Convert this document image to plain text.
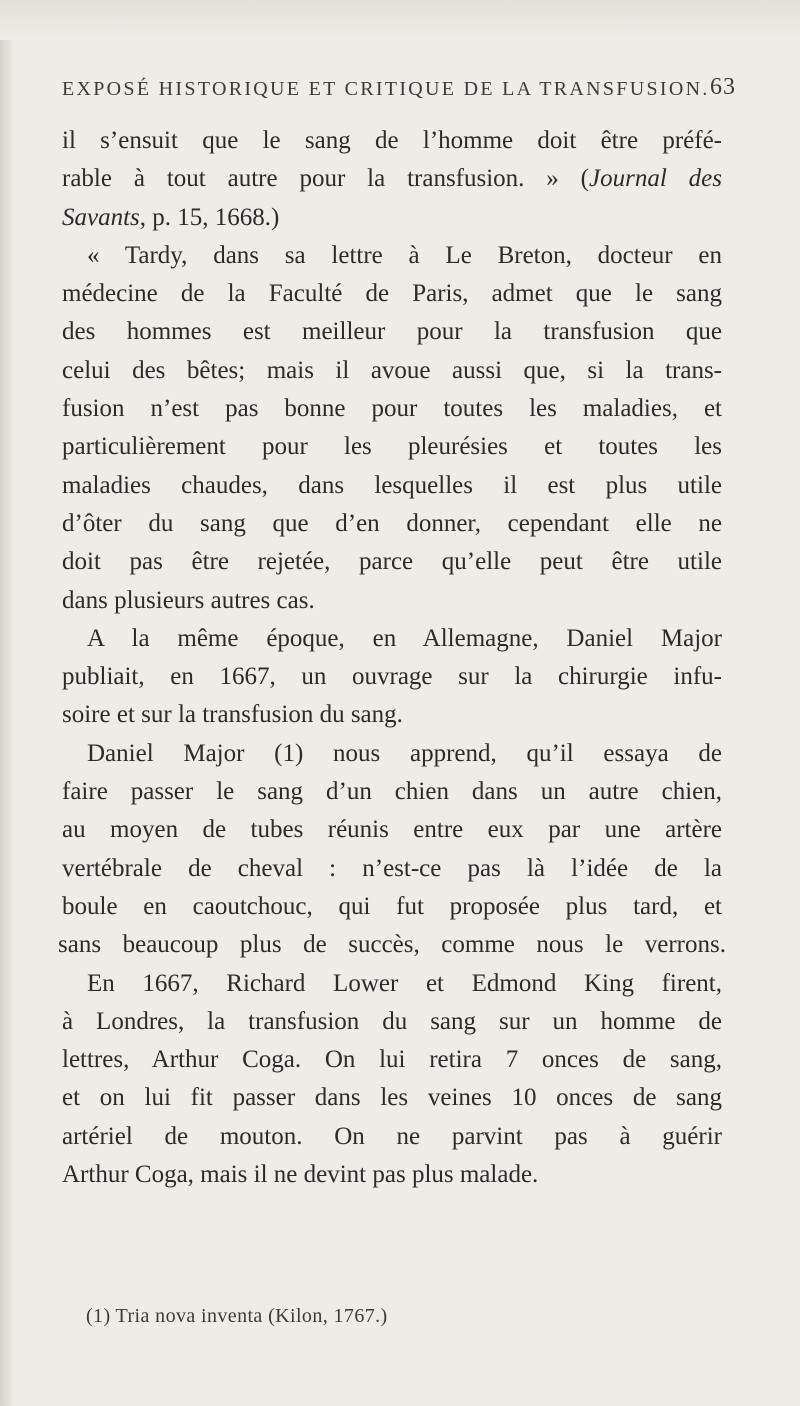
EXPOSÉ HISTORIQUE ET CRITIQUE DE LA TRANSFUSION. 63
il s’ensuit que le sang de l’homme doit être préfé-
rable à tout autre pour la transfusion. » (Journal des
Savants, p. 15, 1668.)
« Tardy, dans sa lettre à Le Breton, docteur en
médecine de la Faculté de Paris, admet que le sang
des hommes est meilleur pour la transfusion que
celui des bêtes; mais il avoue aussi que, si la trans-
fusion n’est pas bonne pour toutes les maladies, et
particulièrement pour les pleurésies et toutes les
maladies chaudes, dans lesquelles il est plus utile
d’ôter du sang que d’en donner, cependant elle ne
doit pas être rejetée, parce qu’elle peut être utile
dans plusieurs autres cas.
A la même époque, en Allemagne, Daniel Major
publiait, en 1667, un ouvrage sur la chirurgie infu-
soire et sur la transfusion du sang.
Daniel Major (1) nous apprend, qu’il essaya de
faire passer le sang d’un chien dans un autre chien,
au moyen de tubes réunis entre eux par une artère
vertébrale de cheval : n’est-ce pas là l’idée de la
boule en caoutchouc, qui fut proposée plus tard, et
sans beaucoup plus de succès, comme nous le verrons.
En 1667, Richard Lower et Edmond King firent,
à Londres, la transfusion du sang sur un homme de
lettres, Arthur Coga. On lui retira 7 onces de sang,
et on lui fit passer dans les veines 10 onces de sang
artériel de mouton. On ne parvint pas à guérir
Arthur Coga, mais il ne devint pas plus malade.
(1) Tria nova inventa (Kilon, 1767.)
